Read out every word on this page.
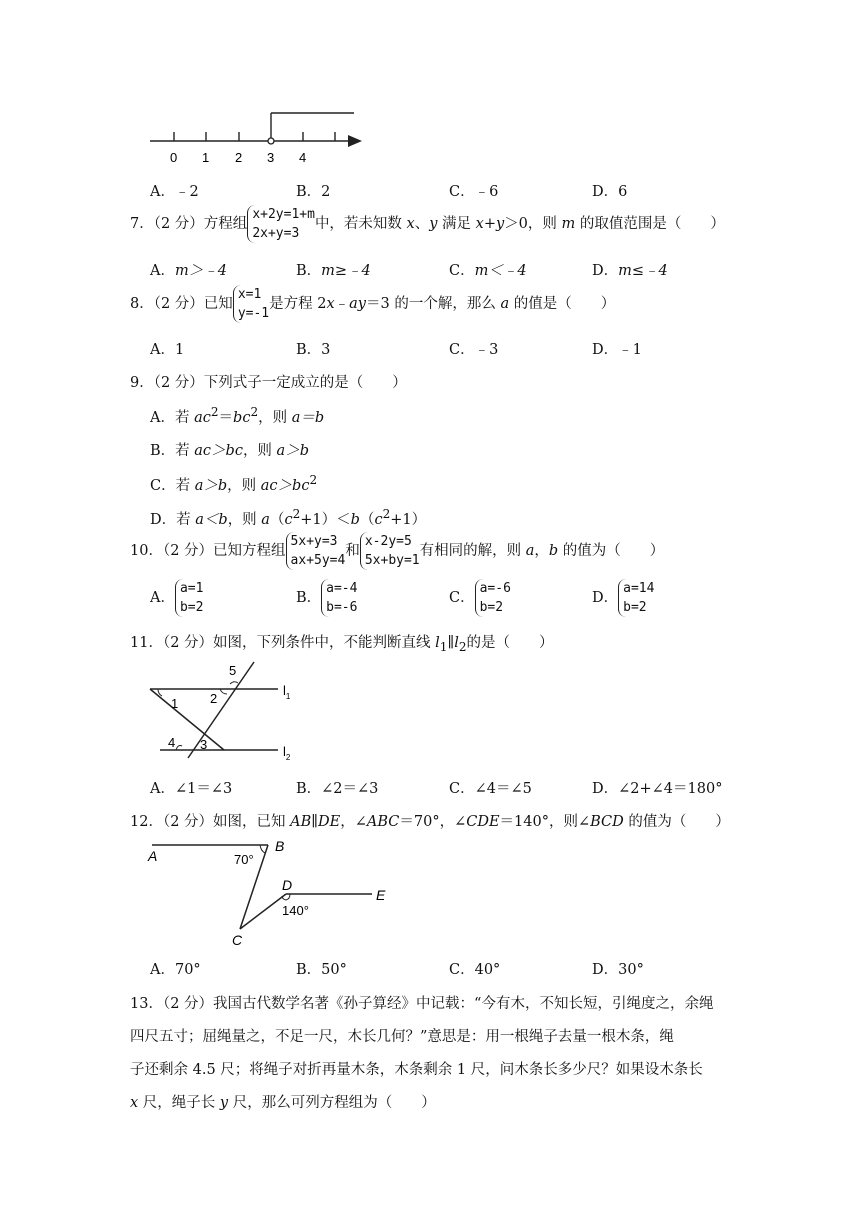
0 1 2 3 4
A．﹣2	B．2	C．﹣6	D．6
7．（2 分）方程组x+2y=1+m
2x+y=3中，若未知数 x、y 满足 x+y＞0，则 m 的取值范围是（　　）
A．m＞﹣4	B．m≥﹣4	C．m＜﹣4	D．m≤﹣4
8．（2 分）已知x=1
y=-1是方程 2x﹣ay＝3 的一个解，那么 a 的值是（　　）
A．1	B．3	C．﹣3	D．﹣1
9．（2 分）下列式子一定成立的是（　　）
A．若 $ac^2=bc^2$，则 a＝b
B．若 ac＞bc，则 a＞b
C．若 a＞b，则 $ac>bc^2$
D．若 a＜b，则 $a(c^2+1)<b(c^2+1)$
10．（2 分）已知方程组5x+y=3
ax+5y=4和x-2y=5
5x+by=1有相同的解，则 a，b 的值为（　　）
A．a=1
b=2
B．a=-4
b=-6
C．a=-6
b=2
D．a=14
b=2
11．（2 分）如图，下列条件中，不能判断直线 $l_1\parallel l_2$的是（　　）
1 2
3
4
5
$l_1$
$l_2$
A．∠1＝∠3	B．∠2＝∠3	C．∠4＝∠5	D．∠2+∠4＝180°
12．（2 分）如图，已知 AB∥DE，∠ABC＝70°，∠CDE＝140°，则∠BCD 的值为（　　）
A
B
C
D
E
70°
140°
A．70°	B．50°	C．40°	D．30°
13．（2 分）我国古代数学名著《孙子算经》中记载：“今有木，不知长短，引绳度之，余绳
四尺五寸；屈绳量之，不足一尺，木长几何？”意思是：用一根绳子去量一根木条，绳
子还剩余 4.5 尺；将绳子对折再量木条，木条剩余 1 尺，问木条长多少尺？如果设木条长
x 尺，绳子长 y 尺，那么可列方程组为（　　）
